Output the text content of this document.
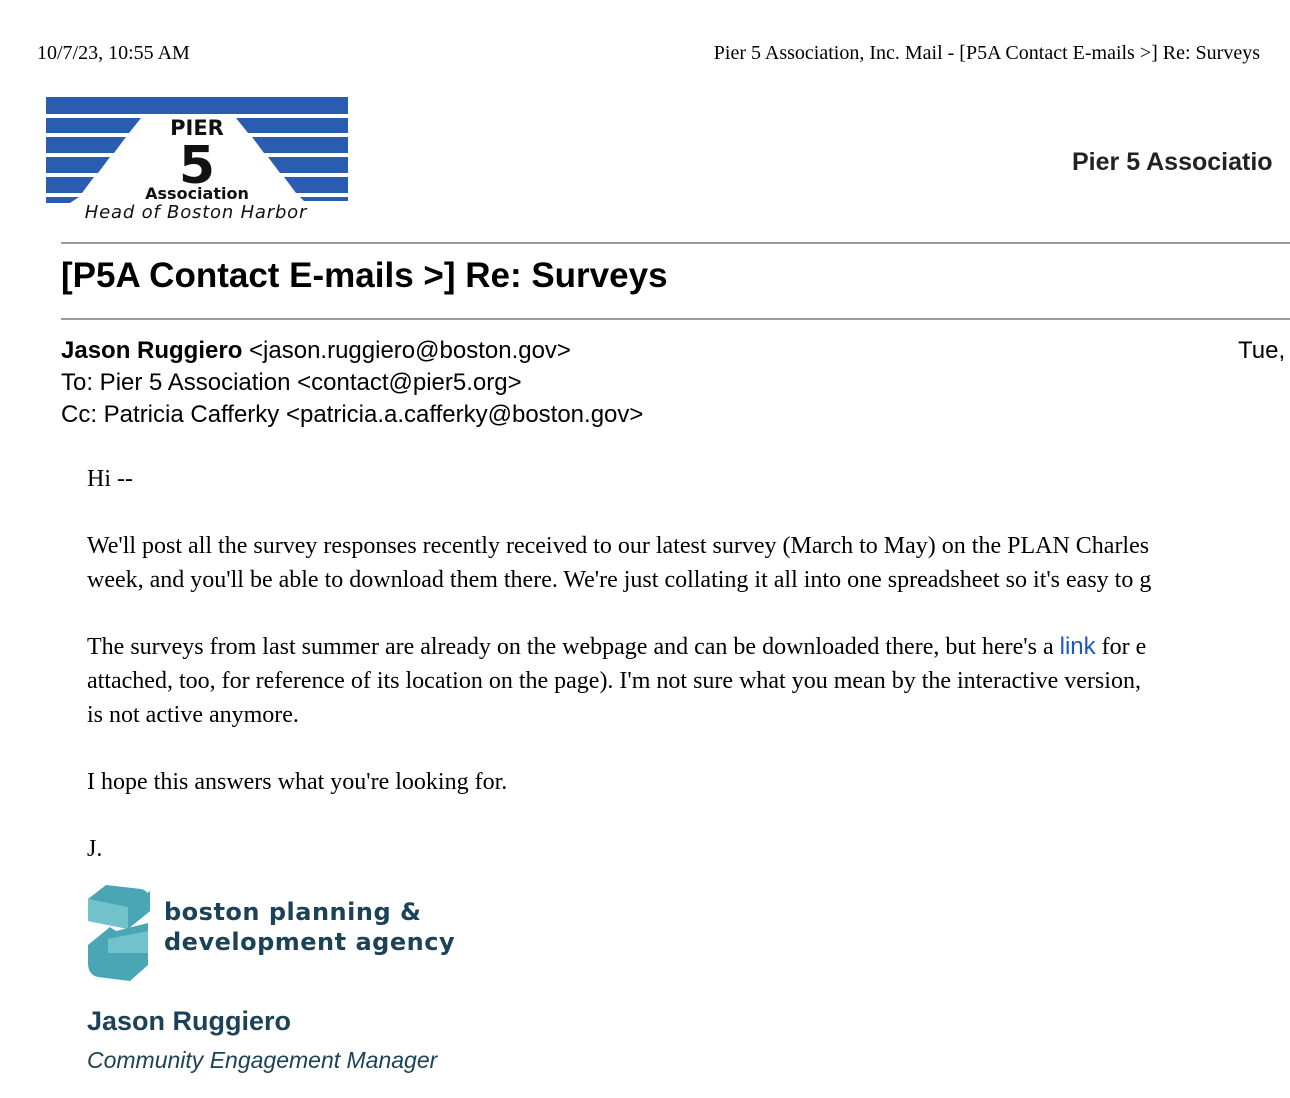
10/7/23, 10:55 AM	Pier 5 Association, Inc. Mail - [P5A Contact E-mails >] Re: Surveys
PIER
5
Association
Head of Boston Harbor
Pier 5 Associatio
[P5A Contact E-mails >] Re: Surveys
Jason Ruggiero <jason.ruggiero@boston.gov>
To: Pier 5 Association <contact@pier5.org>
Cc: Patricia Cafferky <patricia.a.cafferky@boston.gov>
Tue,

Hi --

We'll post all the survey responses recently received to our latest survey (March to May) on the PLAN Charles
week, and you'll be able to download them there. We're just collating it all into one spreadsheet so it's easy to g

The surveys from last summer are already on the webpage and can be downloaded there, but here's a link for e
attached, too, for reference of its location on the page). I'm not sure what you mean by the interactive version,
is not active anymore.

I hope this answers what you're looking for.

J.

boston planning &
development agency
Jason Ruggiero
Community Engagement Manager
